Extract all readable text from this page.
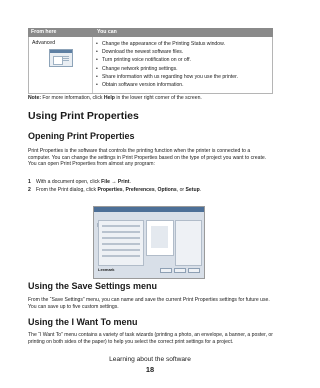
From here	You can
Advanced
•	Change the appearance of the Printing Status window.
• Download the newest software files.
• Turn printing voice notification on or off.
• Change network printing settings.
• Share information with us regarding how you use the printer.
• Obtain software version information.
Note: For more information, click Help in the lower right corner of the screen.
Using Print Properties
Opening Print Properties
Print Properties is the software that controls the printing function when the printer is connected to a computer. You can change the settings in Print Properties based on the type of project you want to create. You can open Print Properties from almost any program:
1 With a document open, click File → Print.
2 From the Print dialog, click Properties, Preferences, Options, or Setup.
Lexmark
Using the Save Settings menu
From the “Save Settings” menu, you can name and save the current Print Properties settings for future use. You can save up to five custom settings.
Using the I Want To menu
The “I Want To” menu contains a variety of task wizards (printing a photo, an envelope, a banner, a poster, or printing on both sides of the paper) to help you select the correct print settings for a project.
Learning about the software
18
